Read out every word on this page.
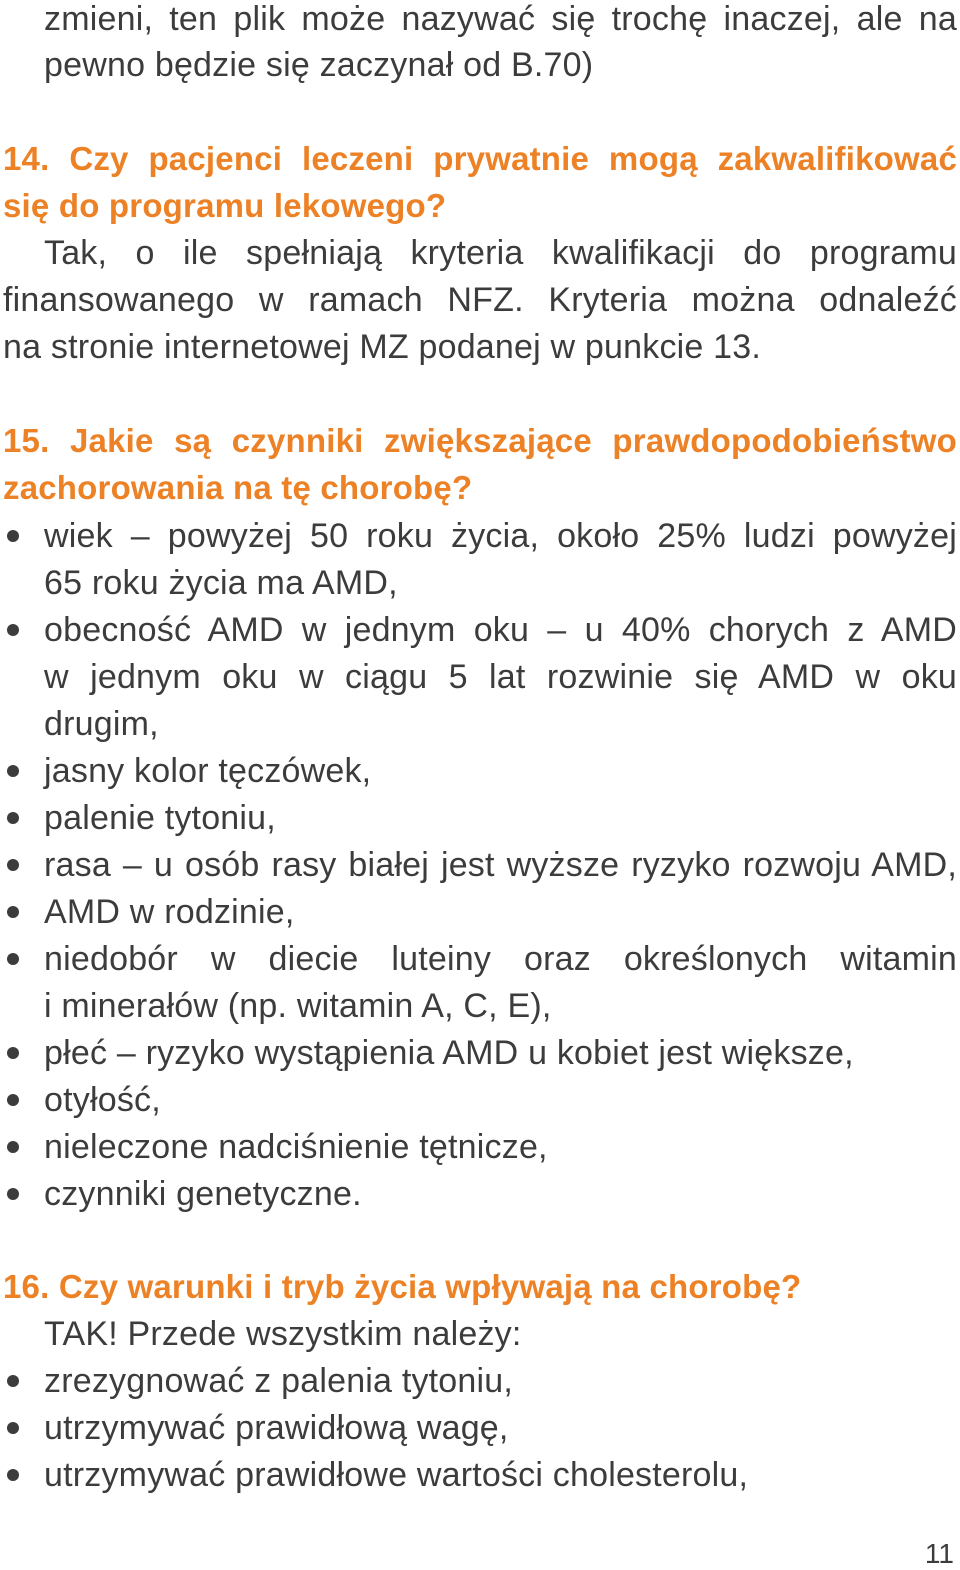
zmieni, ten plik może nazywać się trochę inaczej, ale na
pewno będzie się zaczynał od B.70)
14. Czy pacjenci leczeni prywatnie mogą zakwalifikować
się do programu lekowego?
Tak, o ile spełniają kryteria kwalifikacji do programu
finansowanego w ramach NFZ. Kryteria można odnaleźć
na stronie internetowej MZ podanej w punkcie 13.
15. Jakie są czynniki zwiększające prawdopodobieństwo
zachorowania na tę chorobę?
wiek – powyżej 50 roku życia, około 25% ludzi powyżej
65 roku życia ma AMD,
obecność AMD w jednym oku – u 40% chorych z AMD
w jednym oku w ciągu 5 lat rozwinie się AMD w oku
drugim,
jasny kolor tęczówek,
palenie tytoniu,
rasa – u osób rasy białej jest wyższe ryzyko rozwoju AMD,
AMD w rodzinie,
niedobór w diecie luteiny oraz określonych witamin
i minerałów (np. witamin A, C, E),
płeć – ryzyko wystąpienia AMD u kobiet jest większe,
otyłość,
nieleczone nadciśnienie tętnicze,
czynniki genetyczne.
16. Czy warunki i tryb życia wpływają na chorobę?
TAK! Przede wszystkim należy:
zrezygnować z palenia tytoniu,
utrzymywać prawidłową wagę,
utrzymywać prawidłowe wartości cholesterolu,
11
